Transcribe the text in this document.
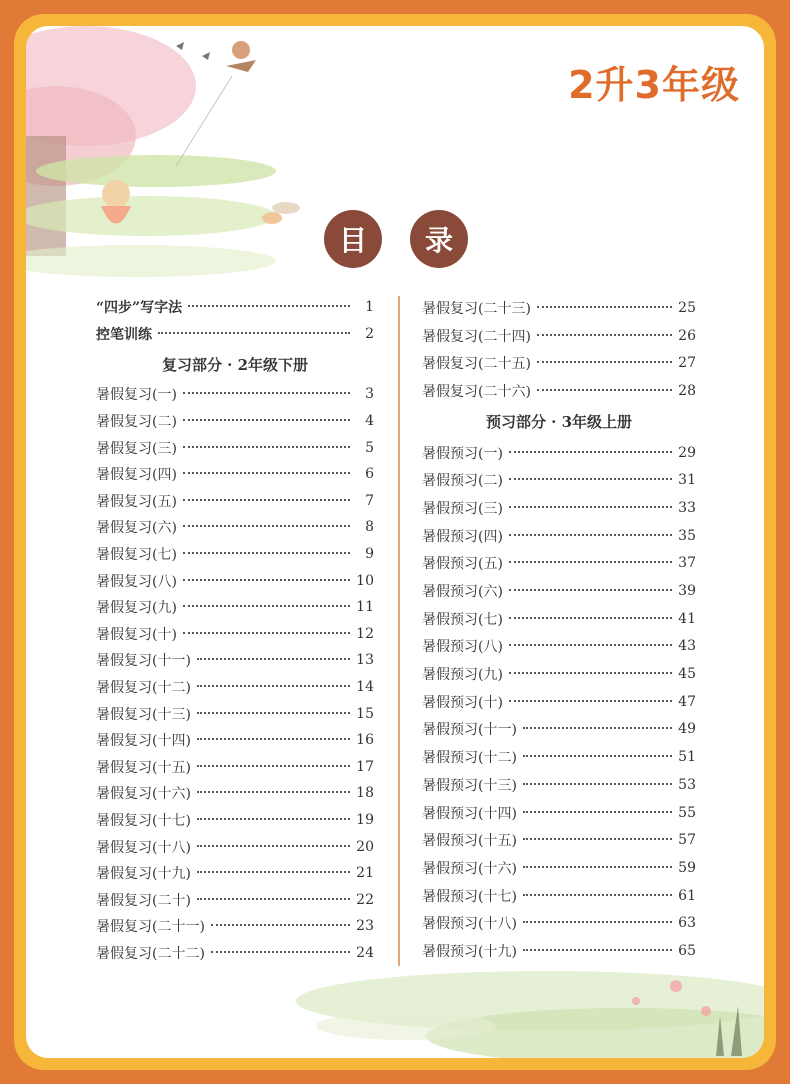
2升3年级
目	录
“四步”写字法	1
控笔训练	2
复习部分 · 2年级下册
暑假复习(一)	3
暑假复习(二)	4
暑假复习(三)	5
暑假复习(四)	6
暑假复习(五)	7
暑假复习(六)	8
暑假复习(七)	9
暑假复习(八)	10
暑假复习(九)	11
暑假复习(十)	12
暑假复习(十一)	13
暑假复习(十二)	14
暑假复习(十三)	15
暑假复习(十四)	16
暑假复习(十五)	17
暑假复习(十六)	18
暑假复习(十七)	19
暑假复习(十八)	20
暑假复习(十九)	21
暑假复习(二十)	22
暑假复习(二十一)	23
暑假复习(二十二)	24
暑假复习(二十三)	25
暑假复习(二十四)	26
暑假复习(二十五)	27
暑假复习(二十六)	28
预习部分 · 3年级上册
暑假预习(一)	29
暑假预习(二)	31
暑假预习(三)	33
暑假预习(四)	35
暑假预习(五)	37
暑假预习(六)	39
暑假预习(七)	41
暑假预习(八)	43
暑假预习(九)	45
暑假预习(十)	47
暑假预习(十一)	49
暑假预习(十二)	51
暑假预习(十三)	53
暑假预习(十四)	55
暑假预习(十五)	57
暑假预习(十六)	59
暑假预习(十七)	61
暑假预习(十八)	63
暑假预习(十九)	65
